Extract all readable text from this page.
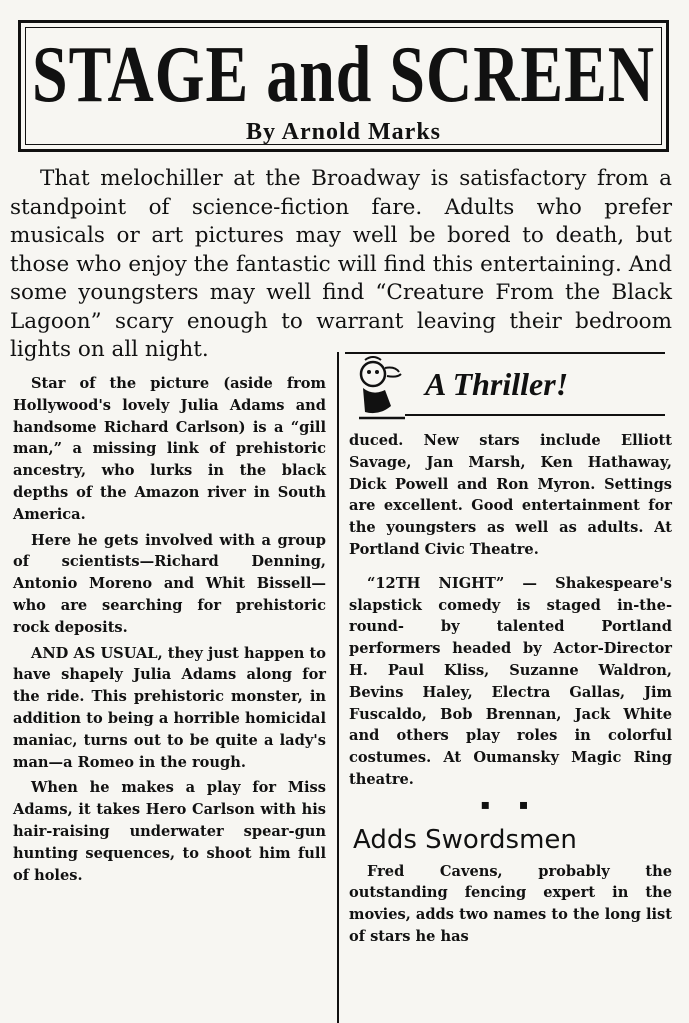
STAGE and SCREEN
By Arnold Marks

That melochiller at the Broadway is satisfactory from a standpoint of science-fiction fare. Adults who prefer musicals or art pictures may well be bored to death, but those who enjoy the fantastic will find this entertaining. And some youngsters may well find “Creature From the Black Lagoon” scary enough to warrant leaving their bedroom lights on all night.

Star of the picture (aside from Hollywood's lovely Julia Adams and handsome Richard Carlson) is a “gill man,” a missing link of prehistoric ancestry, who lurks in the black depths of the Amazon river in South America.

Here he gets involved with a group of scientists—Richard Denning, Antonio Moreno and Whit Bissell—who are searching for prehistoric rock deposits.

AND AS USUAL, they just happen to have shapely Julia Adams along for the ride. This prehistoric monster, in addition to being a horrible homicidal maniac, turns out to be quite a lady's man—a Romeo in the rough.

When he makes a play for Miss Adams, it takes Hero Carlson with his hair-raising underwater spear-gun hunting sequences, to shoot him full of holes.

A Thriller!

duced. New stars include Elliott Savage, Jan Marsh, Ken Hathaway, Dick Powell and Ron Myron. Settings are excellent. Good entertainment for the youngsters as well as adults. At Portland Civic Theatre.

“12TH NIGHT” — Shakespeare's slapstick comedy is staged in-the-round- by talented Portland performers headed by Actor-Director H. Paul Kliss, Suzanne Waldron, Bevins Haley, Electra Gallas, Jim Fuscaldo, Bob Brennan, Jack White and others play roles in colorful costumes. At Oumansky Magic Ring theatre.

▪ ▪
Adds Swordsmen

Fred Cavens, probably the outstanding fencing expert in the movies, adds two names to the long list of stars he has
